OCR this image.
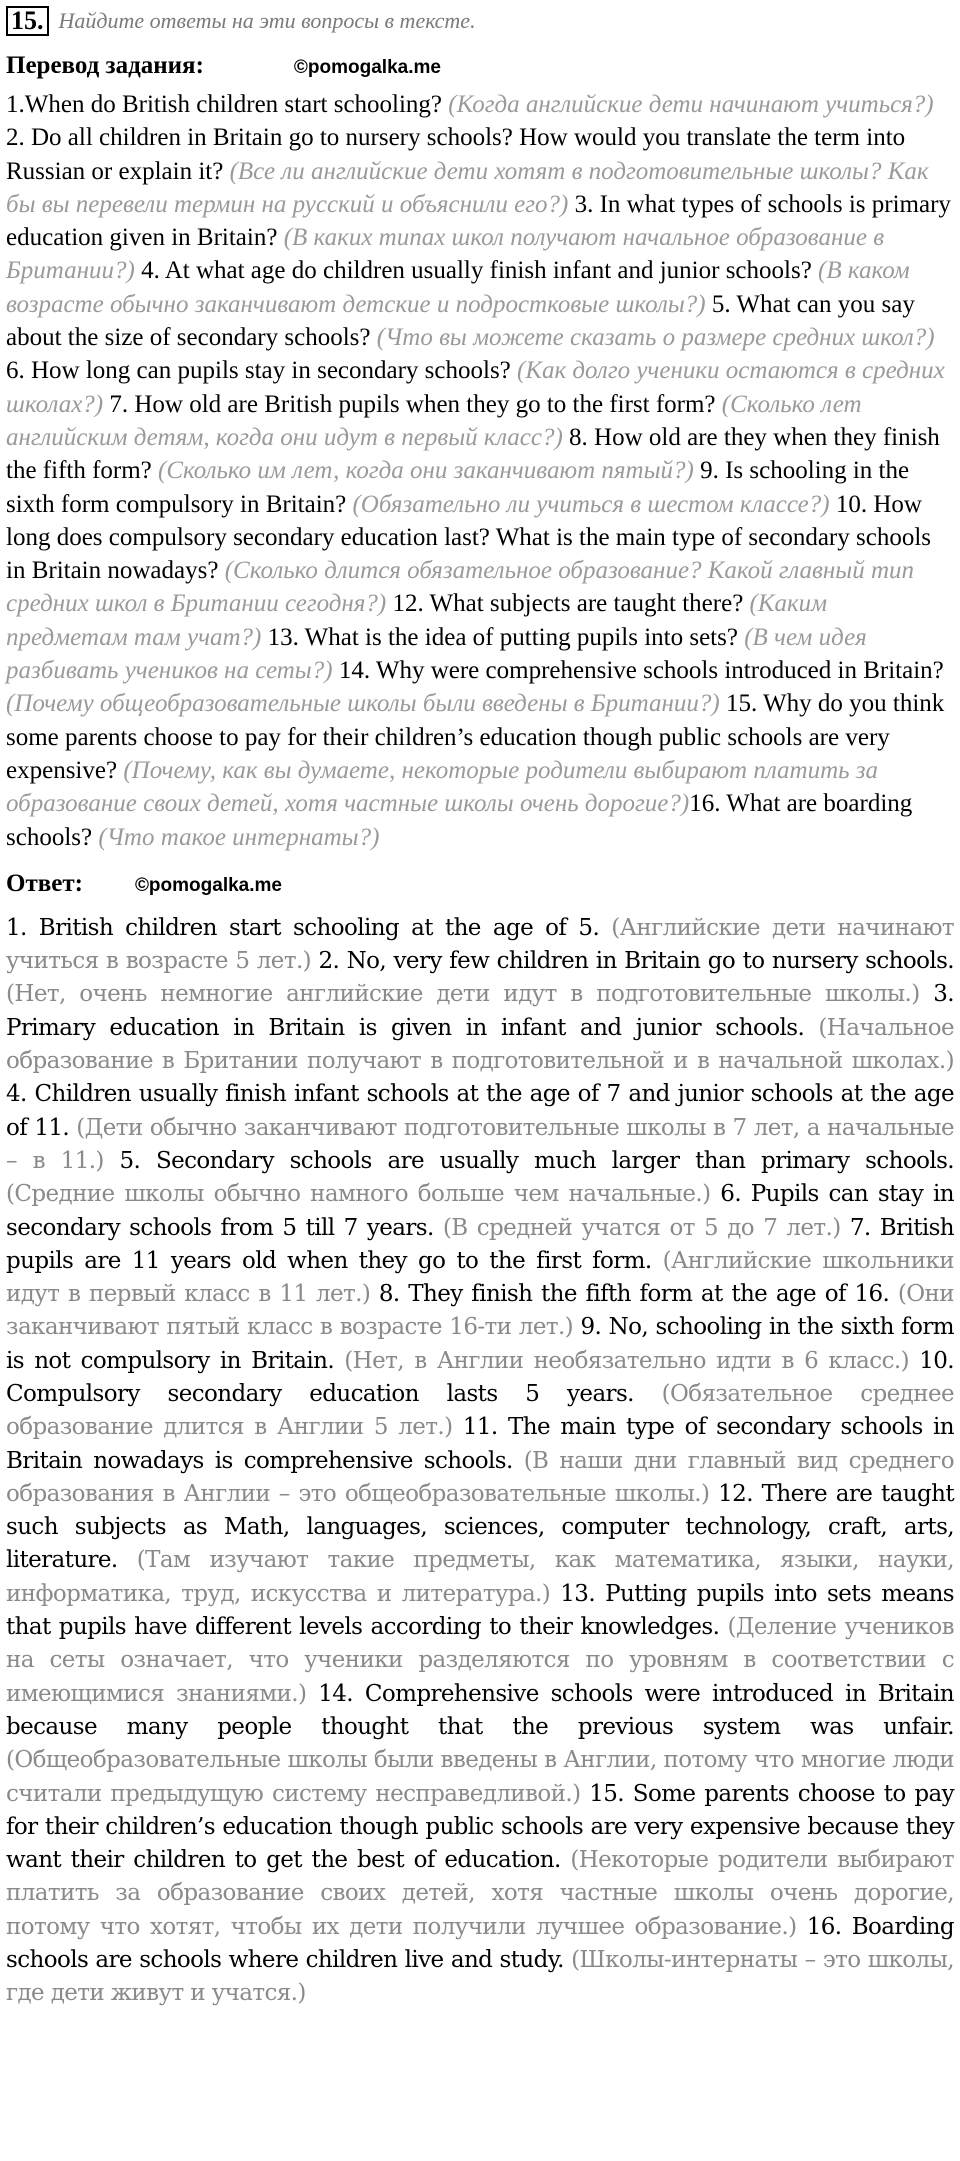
15. Найдите ответы на эти вопросы в тексте.
Перевод задания:	©pomogalka.me
1.When do British children start schooling? (Когда английские дети начинают учиться?) 2. Do all children in Britain go to nursery schools? How would you translate the term into Russian or explain it? (Все ли английские дети хотят в подготовительные школы? Как бы вы перевели термин на русский и объяснили его?) 3. In what types of schools is primary education given in Britain? (В каких типах школ получают начальное образование в Британии?) 4. At what age do children usually finish infant and junior schools? (В каком возрасте обычно заканчивают детские и подростковые школы?) 5. What can you say about the size of secondary schools? (Что вы можете сказать о размере средних школ?) 6. How long can pupils stay in secondary schools? (Как долго ученики остаются в средних школах?) 7. How old are British pupils when they go to the first form? (Сколько лет английским детям, когда они идут в первый класс?) 8. How old are they when they finish the fifth form? (Сколько им лет, когда они заканчивают пятый?) 9. Is schooling in the sixth form compulsory in Britain? (Обязательно ли учиться в шестом классе?) 10. How long does compulsory secondary education last? What is the main type of secondary schools in Britain nowadays? (Сколько длится обязательное образование? Какой главный тип средних школ в Британии сегодня?) 12. What subjects are taught there? (Каким предметам там учат?) 13. What is the idea of putting pupils into sets? (В чем идея разбивать учеников на сеты?) 14. Why were comprehensive schools introduced in Britain? (Почему общеобразовательные школы были введены в Британии?) 15. Why do you think some parents choose to pay for their children’s education though public schools are very expensive? (Почему, как вы думаете, некоторые родители выбирают платить за образование своих детей, хотя частные школы очень дорогие?)16. What are boarding schools? (Что такое интернаты?)
Ответ:	©pomogalka.me
1. British children start schooling at the age of 5. (Английские дети начинают учиться в возрасте 5 лет.) 2. No, very few children in Britain go to nursery schools. (Нет, очень немногие английские дети идут в подготовительные школы.) 3. Primary education in Britain is given in infant and junior schools. (Начальное образование в Британии получают в подготовительной и в начальной школах.) 4. Children usually finish infant schools at the age of 7 and junior schools at the age of 11. (Дети обычно заканчивают подготовительные школы в 7 лет, а начальные – в 11.) 5. Secondary schools are usually much larger than primary schools. (Средние школы обычно намного больше чем начальные.) 6. Pupils can stay in secondary schools from 5 till 7 years. (В средней учатся от 5 до 7 лет.) 7. British pupils are 11 years old when they go to the first form. (Английские школьники идут в первый класс в 11 лет.) 8. They finish the fifth form at the age of 16. (Они заканчивают пятый класс в возрасте 16-ти лет.) 9. No, schooling in the sixth form is not compulsory in Britain. (Нет, в Англии необязательно идти в 6 класс.) 10. Compulsory secondary education lasts 5 years. (Обязательное среднее образование длится в Англии 5 лет.) 11. The main type of secondary schools in Britain nowadays is comprehensive schools. (В наши дни главный вид среднего образования в Англии – это общеобразовательные школы.) 12. There are taught such subjects as Math, languages, sciences, computer technology, craft, arts, literature. (Там изучают такие предметы, как математика, языки, науки, информатика, труд, искусства и литература.) 13. Putting pupils into sets means that pupils have different levels according to their knowledges. (Деление учеников на сеты означает, что ученики разделяются по уровням в соответствии с имеющимися знаниями.) 14. Comprehensive schools were introduced in Britain because many people thought that the previous system was unfair. (Общеобразовательные школы были введены в Англии, потому что многие люди считали предыдущую систему несправедливой.) 15. Some parents choose to pay for their children’s education though public schools are very expensive because they want their children to get the best of education. (Некоторые родители выбирают платить за образование своих детей, хотя частные школы очень дорогие, потому что хотят, чтобы их дети получили лучшее образование.) 16. Boarding schools are schools where children live and study. (Школы-интернаты – это школы, где дети живут и учатся.)
